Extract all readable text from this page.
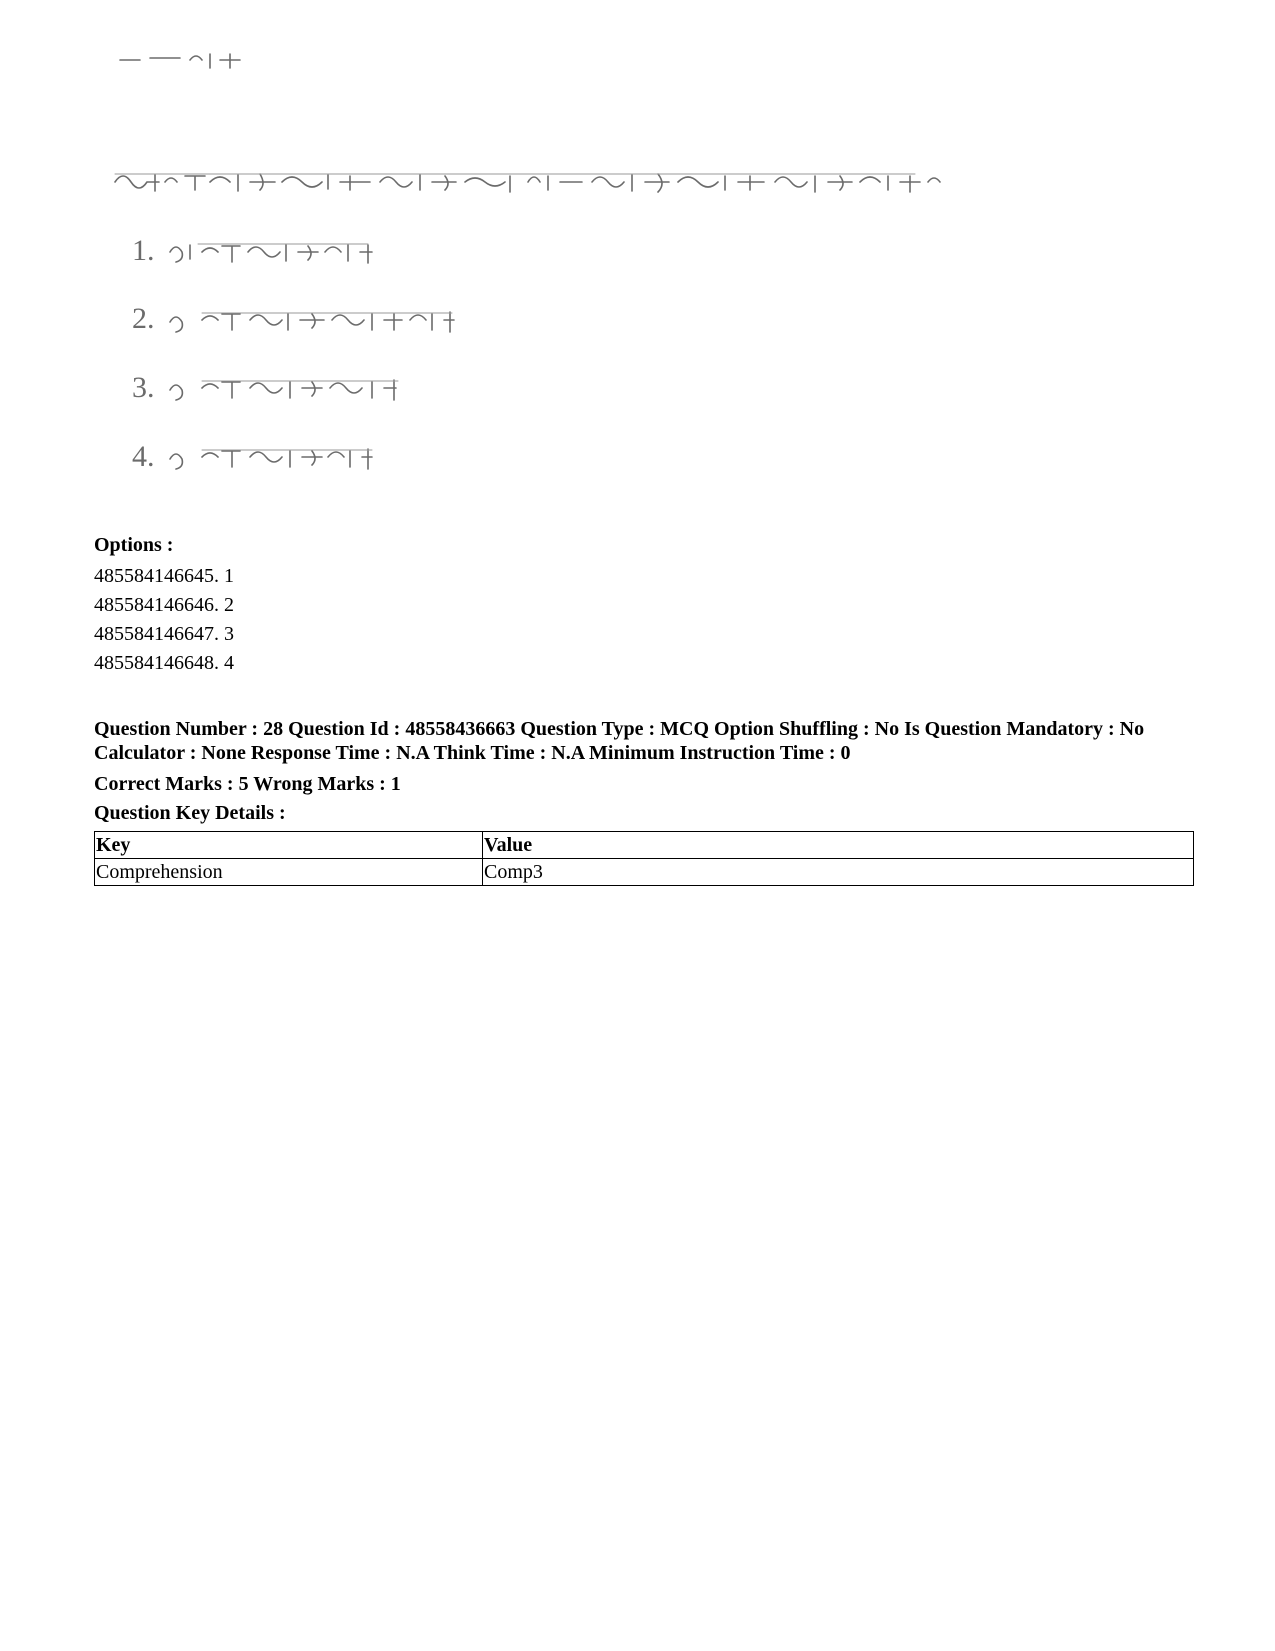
1.
2.
3.
4.
Options :
485584146645. 1
485584146646. 2
485584146647. 3
485584146648. 4
Question Number : 28 Question Id : 48558436663 Question Type : MCQ Option Shuffling : No Is Question Mandatory : No Calculator : None Response Time : N.A Think Time : N.A Minimum Instruction Time : 0
Correct Marks : 5 Wrong Marks : 1
Question Key Details :
Key	Value
Comprehension	Comp3
